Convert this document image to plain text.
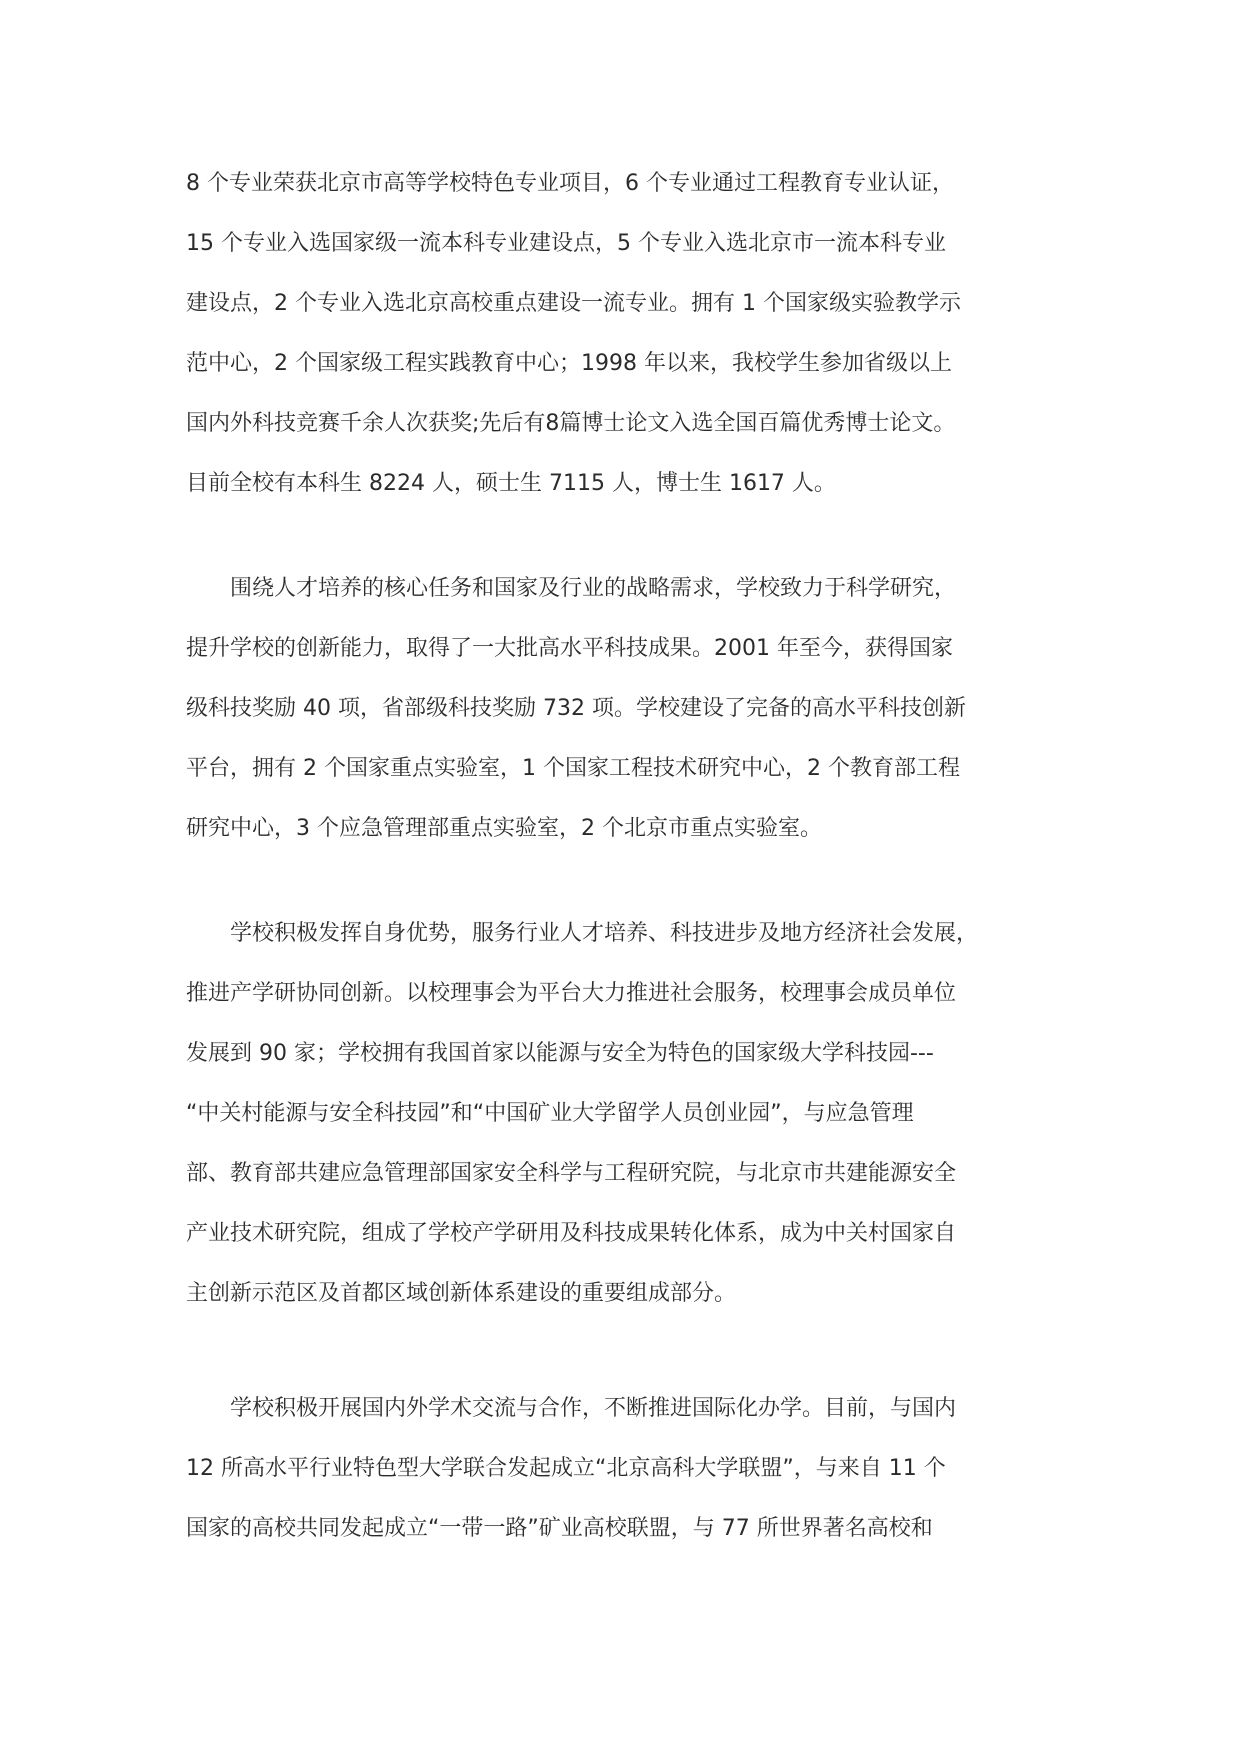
8 个专业荣获北京市高等学校特色专业项目，6 个专业通过工程教育专业认证，
15 个专业入选国家级一流本科专业建设点，5 个专业入选北京市一流本科专业
建设点，2 个专业入选北京高校重点建设一流专业。拥有 1 个国家级实验教学示
范中心，2 个国家级工程实践教育中心；1998 年以来，我校学生参加省级以上
国内外科技竞赛千余人次获奖;先后有8篇博士论文入选全国百篇优秀博士论文。
目前全校有本科生 8224 人，硕士生 7115 人，博士生 1617 人。
　　围绕人才培养的核心任务和国家及行业的战略需求，学校致力于科学研究，
提升学校的创新能力，取得了一大批高水平科技成果。2001 年至今，获得国家
级科技奖励 40 项，省部级科技奖励 732 项。学校建设了完备的高水平科技创新
平台，拥有 2 个国家重点实验室，1 个国家工程技术研究中心，2 个教育部工程
研究中心，3 个应急管理部重点实验室，2 个北京市重点实验室。
　　学校积极发挥自身优势，服务行业人才培养、科技进步及地方经济社会发展，
推进产学研协同创新。以校理事会为平台大力推进社会服务，校理事会成员单位
发展到 90 家；学校拥有我国首家以能源与安全为特色的国家级大学科技园---
“中关村能源与安全科技园”和“中国矿业大学留学人员创业园”，与应急管理
部、教育部共建应急管理部国家安全科学与工程研究院，与北京市共建能源安全
产业技术研究院，组成了学校产学研用及科技成果转化体系，成为中关村国家自
主创新示范区及首都区域创新体系建设的重要组成部分。
　　学校积极开展国内外学术交流与合作，不断推进国际化办学。目前，与国内
12 所高水平行业特色型大学联合发起成立“北京高科大学联盟”，与来自 11 个
国家的高校共同发起成立“一带一路”矿业高校联盟，与 77 所世界著名高校和
